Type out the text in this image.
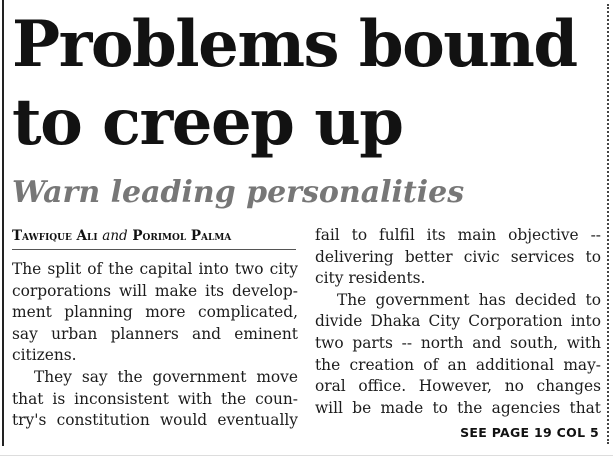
Problems bound
to creep up
Warn leading personalities
Tawfique Ali and Porimol Palma
The split of the capital into two city
corporations will make its develop-
ment planning more complicated,
say urban planners and eminent
citizens.
They say the government move
that is inconsistent with the coun-
try's constitution would eventually
fail to fulfil its main objective --
delivering better civic services to
city residents.
The government has decided to
divide Dhaka City Corporation into
two parts -- north and south, with
the creation of an additional may-
oral office. However, no changes
will be made to the agencies that
SEE PAGE 19 COL 5
